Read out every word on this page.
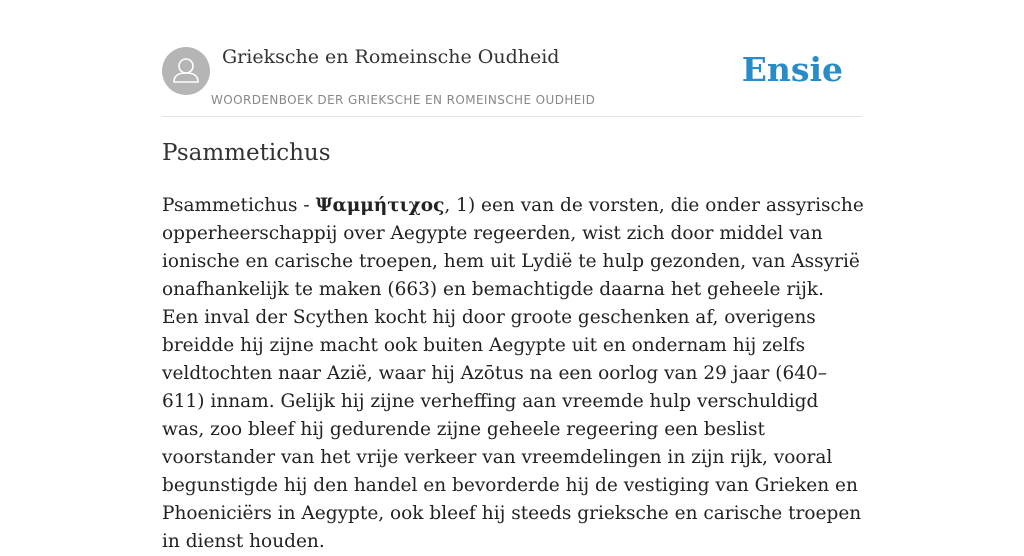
Grieksche en Romeinsche Oudheid
WOORDENBOEK DER GRIEKSCHE EN ROMEINSCHE OUDHEID
Ensie
Psammetichus

Psammetichus - Ψαμμήτιχος, 1) een van de vorsten, die onder assyrische opperheerschappij over Aegypte regeerden, wist zich door middel van ionische en carische troepen, hem uit Lydië te hulp gezonden, van Assyrië onafhankelijk te maken (663) en bemachtigde daarna het geheele rijk. Een inval der Scythen kocht hij door groote geschenken af, overigens breidde hij zijne macht ook buiten Aegypte uit en ondernam hij zelfs veldtochten naar Azië, waar hij Azōtus na een oorlog van 29 jaar (640–611) innam. Gelijk hij zijne verheffing aan vreemde hulp verschuldigd was, zoo bleef hij gedurende zijne geheele regeering een beslist voorstander van het vrije verkeer van vreemdelingen in zijn rijk, vooral begunstigde hij den handel en bevorderde hij de vestiging van Grieken en Phoeniciërs in Aegypte, ook bleef hij steeds grieksche en carische troepen in dienst houden.
